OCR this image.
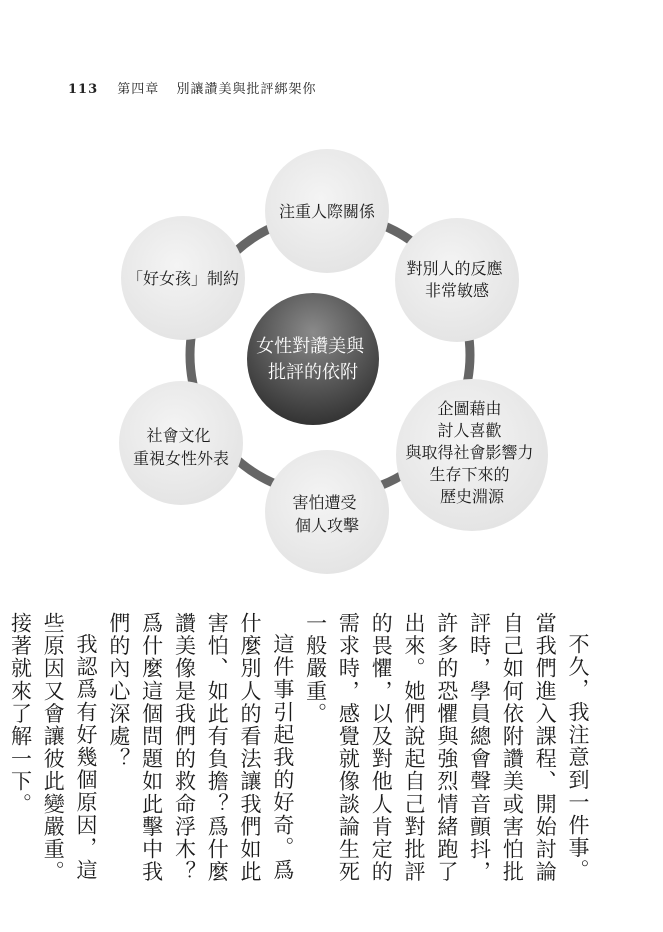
113 第四章 別讓讚美與批評綁架你
女性對讚美與 批評的依附
注重人際關係
對別人的反應 非常敏感
企圖藉由 討人喜歡 與取得社會影響力 生存下來的 歷史淵源
害怕遭受 個人攻擊
社會文化 重視女性外表
「好女孩」制約

不久，我注意到一件事。當我們進入課程、開始討論自己如何依附讚美或害怕批評時，學員總會聲音顫抖，許多的恐懼與強烈情緒跑了出來。她們說起自己對批評的畏懼，以及對他人肯定的需求時，感覺就像談論生死一般嚴重。

這件事引起我的好奇。爲什麼別人的看法讓我們如此害怕、如此有負擔？爲什麼讚美像是我們的救命浮木？爲什麼這個問題如此擊中我們的內心深處？

我認爲有好幾個原因，這些原因又會讓彼此變嚴重。接著就來了解一下。
